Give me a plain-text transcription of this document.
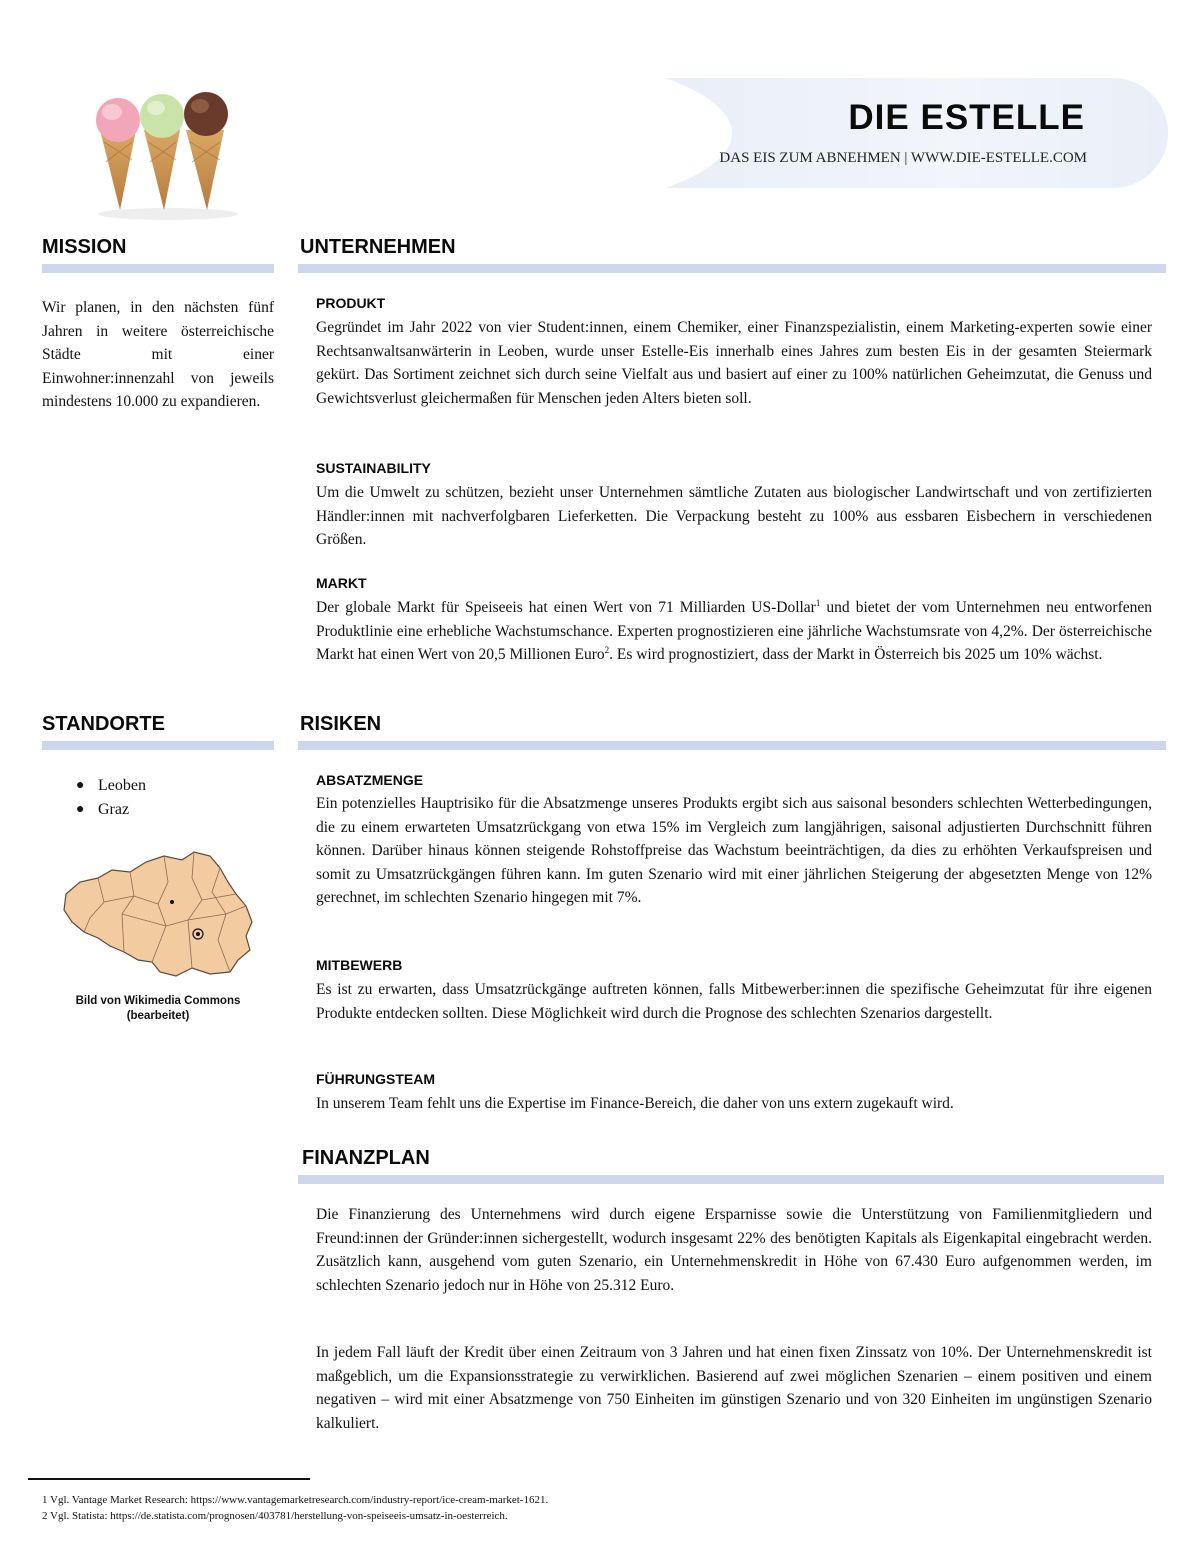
DIE ESTELLE
DAS EIS ZUM ABNEHMEN | WWW.DIE-ESTELLE.COM
MISSION
Wir planen, in den nächsten fünf Jahren in weitere österreichische Städte mit einer Einwohner:innenzahl von jeweils mindestens 10.000 zu expandieren.
UNTERNEHMEN
PRODUKT
Gegründet im Jahr 2022 von vier Student:innen, einem Chemiker, einer Finanzspezialistin, einem Marketing-experten sowie einer Rechtsanwaltsanwärterin in Leoben, wurde unser Estelle-Eis innerhalb eines Jahres zum besten Eis in der gesamten Steiermark gekürt. Das Sortiment zeichnet sich durch seine Vielfalt aus und basiert auf einer zu 100% natürlichen Geheimzutat, die Genuss und Gewichtsverlust gleichermaßen für Menschen jeden Alters bieten soll.
SUSTAINABILITY
Um die Umwelt zu schützen, bezieht unser Unternehmen sämtliche Zutaten aus biologischer Landwirtschaft und von zertifizierten Händler:innen mit nachverfolgbaren Lieferketten. Die Verpackung besteht zu 100% aus essbaren Eisbechern in verschiedenen Größen.
MARKT
Der globale Markt für Speiseeis hat einen Wert von 71 Milliarden US-Dollar$^1$ und bietet der vom Unternehmen neu entworfenen Produktlinie eine erhebliche Wachstumschance. Experten prognostizieren eine jährliche Wachstumsrate von 4,2%. Der österreichische Markt hat einen Wert von 20,5 Millionen Euro$^2$. Es wird prognostiziert, dass der Markt in Österreich bis 2025 um 10% wächst.
STANDORTE
● Leoben
● Graz
Bild von Wikimedia Commons (bearbeitet)
RISIKEN
ABSATZMENGE
Ein potenzielles Hauptrisiko für die Absatzmenge unseres Produkts ergibt sich aus saisonal besonders schlechten Wetterbedingungen, die zu einem erwarteten Umsatzrückgang von etwa 15% im Vergleich zum langjährigen, saisonal adjustierten Durchschnitt führen können. Darüber hinaus können steigende Rohstoffpreise das Wachstum beeinträchtigen, da dies zu erhöhten Verkaufspreisen und somit zu Umsatzrückgängen führen kann. Im guten Szenario wird mit einer jährlichen Steigerung der abgesetzten Menge von 12% gerechnet, im schlechten Szenario hingegen mit 7%.
MITBEWERB
Es ist zu erwarten, dass Umsatzrückgänge auftreten können, falls Mitbewerber:innen die spezifische Geheimzutat für ihre eigenen Produkte entdecken sollten. Diese Möglichkeit wird durch die Prognose des schlechten Szenarios dargestellt.
FÜHRUNGSTEAM
In unserem Team fehlt uns die Expertise im Finance-Bereich, die daher von uns extern zugekauft wird.
FINANZPLAN
Die Finanzierung des Unternehmens wird durch eigene Ersparnisse sowie die Unterstützung von Familienmitgliedern und Freund:innen der Gründer:innen sichergestellt, wodurch insgesamt 22% des benötigten Kapitals als Eigenkapital eingebracht werden. Zusätzlich kann, ausgehend vom guten Szenario, ein Unternehmenskredit in Höhe von 67.430 Euro aufgenommen werden, im schlechten Szenario jedoch nur in Höhe von 25.312 Euro.
In jedem Fall läuft der Kredit über einen Zeitraum von 3 Jahren und hat einen fixen Zinssatz von 10%. Der Unternehmenskredit ist maßgeblich, um die Expansionsstrategie zu verwirklichen. Basierend auf zwei möglichen Szenarien – einem positiven und einem negativen – wird mit einer Absatzmenge von 750 Einheiten im günstigen Szenario und von 320 Einheiten im ungünstigen Szenario kalkuliert.
1 Vgl. Vantage Market Research: https://www.vantagemarketresearch.com/industry-report/ice-cream-market-1621.
2 Vgl. Statista: https://de.statista.com/prognosen/403781/herstellung-von-speiseeis-umsatz-in-oesterreich.
